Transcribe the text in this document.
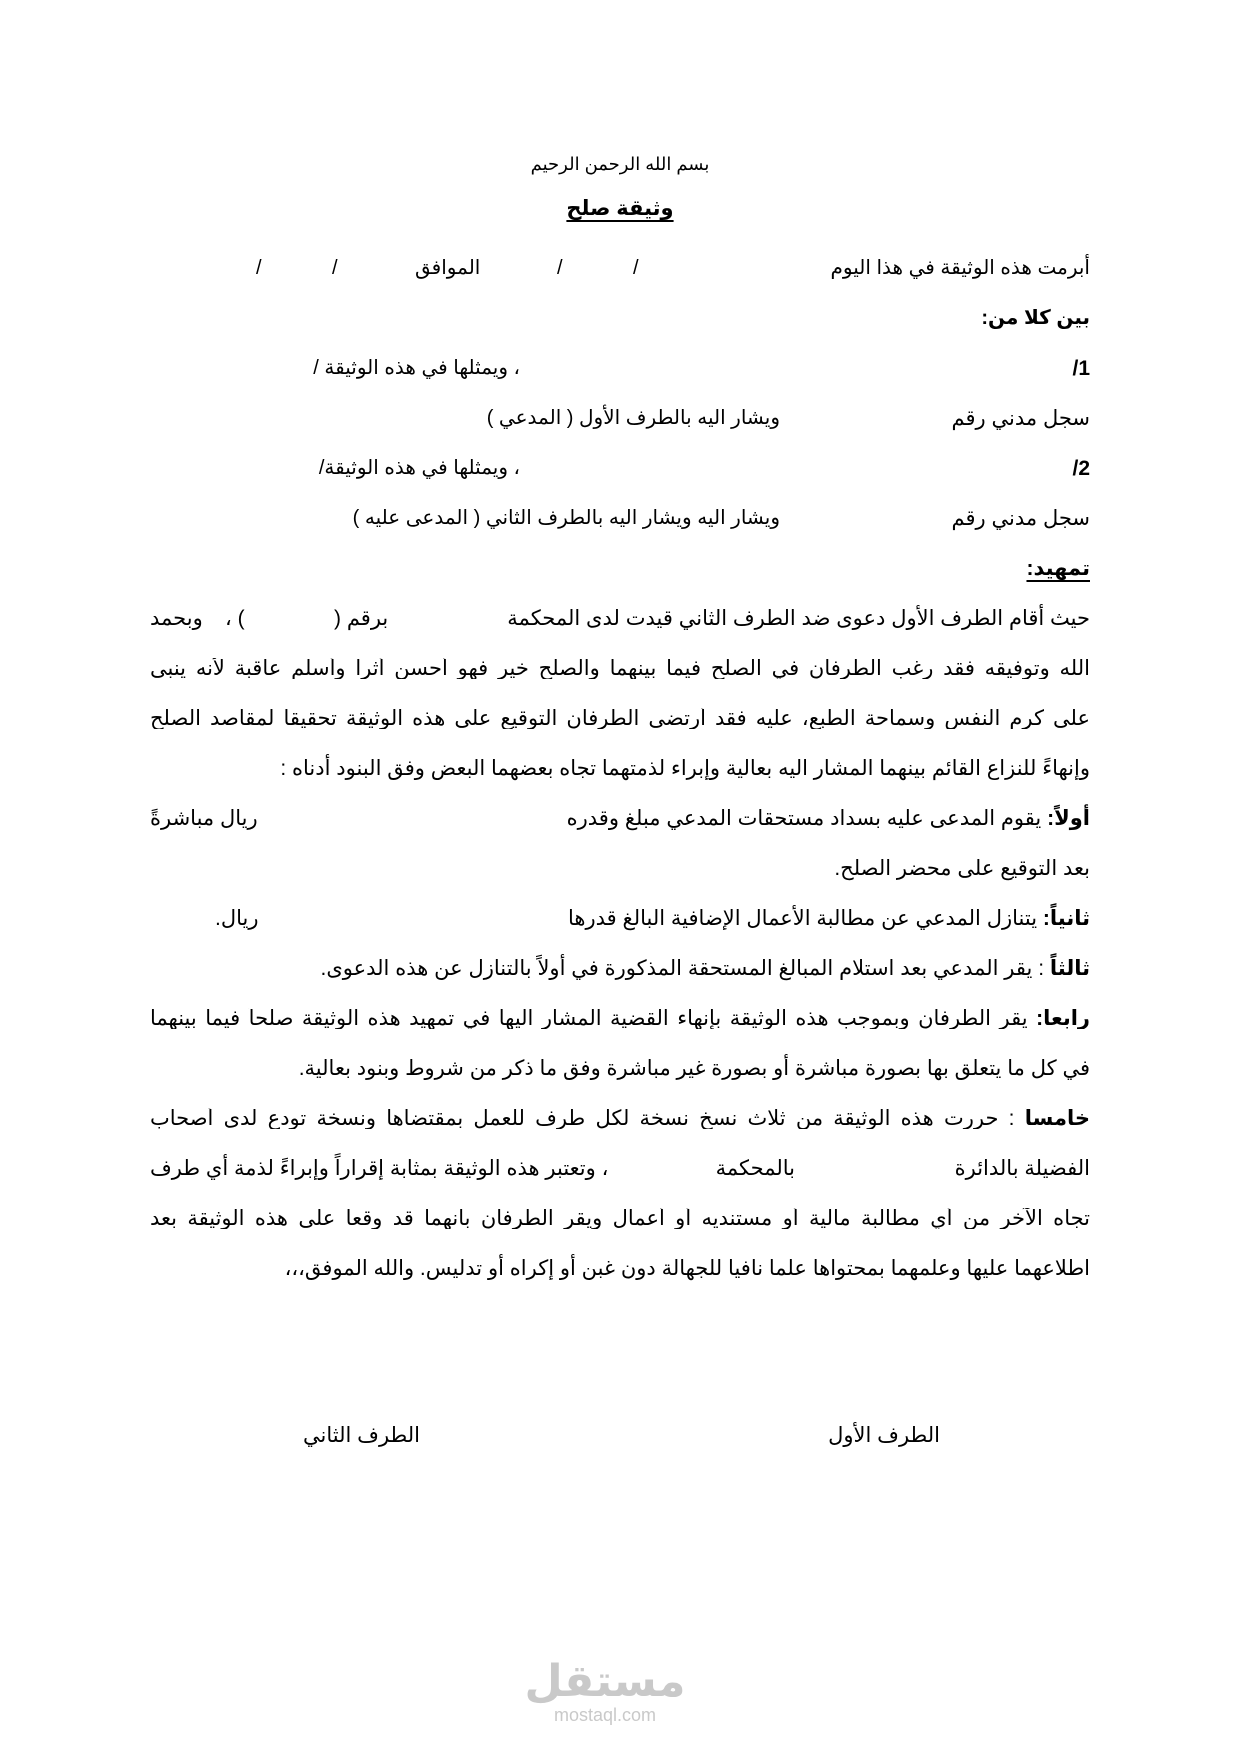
بسم الله الرحمن الرحيم
وثيقة صلح
أبرمت هذه الوثيقة في هذا اليوم
/
/
الموافق
/
/
بين كلا من:
1/
، ويمثلها في هذه الوثيقة /
سجل مدني رقم
ويشار اليه بالطرف الأول ( المدعي )
2/
، ويمثلها في هذه الوثيقة/
سجل مدني رقم
ويشار اليه ويشار اليه بالطرف الثاني ( المدعى عليه )
تمهيد:
حيث أقام الطرف الأول دعوى ضد الطرف الثاني قيدت لدى المحكمة
برقم (
) ،
وبحمد
الله وتوفيقه فقد رغب الطرفان في الصلح فيما بينهما والصلح خير فهو أحسن أثرا وأسلم عاقبة لأنه ينبى
على كرم النفس وسماحة الطبع، عليه فقد أرتضى الطرفان التوقيع على هذه الوثيقة تحقيقا لمقاصد الصلح
وإنهاءً للنزاع القائم بينهما المشار اليه بعالية وإبراء لذمتهما تجاه بعضهما البعض وفق البنود أدناه :
أولاً: يقوم المدعى عليه بسداد مستحقات المدعي مبلغ وقدره
ريال مباشرةً
بعد التوقيع على محضر الصلح.
ثانياً: يتنازل المدعي عن مطالبة الأعمال الإضافية البالغ قدرها
ريال.
ثالثاً : يقر المدعي بعد استلام المبالغ المستحقة المذكورة في أولاً بالتنازل عن هذه الدعوى.
رابعاً: يقر الطرفان وبموجب هذه الوثيقة بإنهاء القضية المشار اليها في تمهيد هذه الوثيقة صلحاً فيما بينهما
في كل ما يتعلق بها بصورة مباشرة أو بصورة غير مباشرة وفق ما ذكر من شروط وبنود بعالية.
خامساً : حررت هذه الوثيقة من ثلاث نسخ نسخة لكل طرف للعمل بمقتضاها ونسخة تودع لدى أصحاب
الفضيلة بالدائرة
بالمحكمة
، وتعتبر هذه الوثيقة بمثابة إقراراً وإبراءً لذمة أي طرف
تجاه الآخر من أي مطالبة مالية أو مستنديه أو أعمال ويقر الطرفان بأنهما قد وقعا على هذه الوثيقة بعد
اطلاعهما عليها وعلمهما بمحتواها علما نافيا للجهالة دون غبن أو إكراه أو تدليس. والله الموفق،،،
الطرف الأول
الطرف الثاني
مستقل
mostaql.com
